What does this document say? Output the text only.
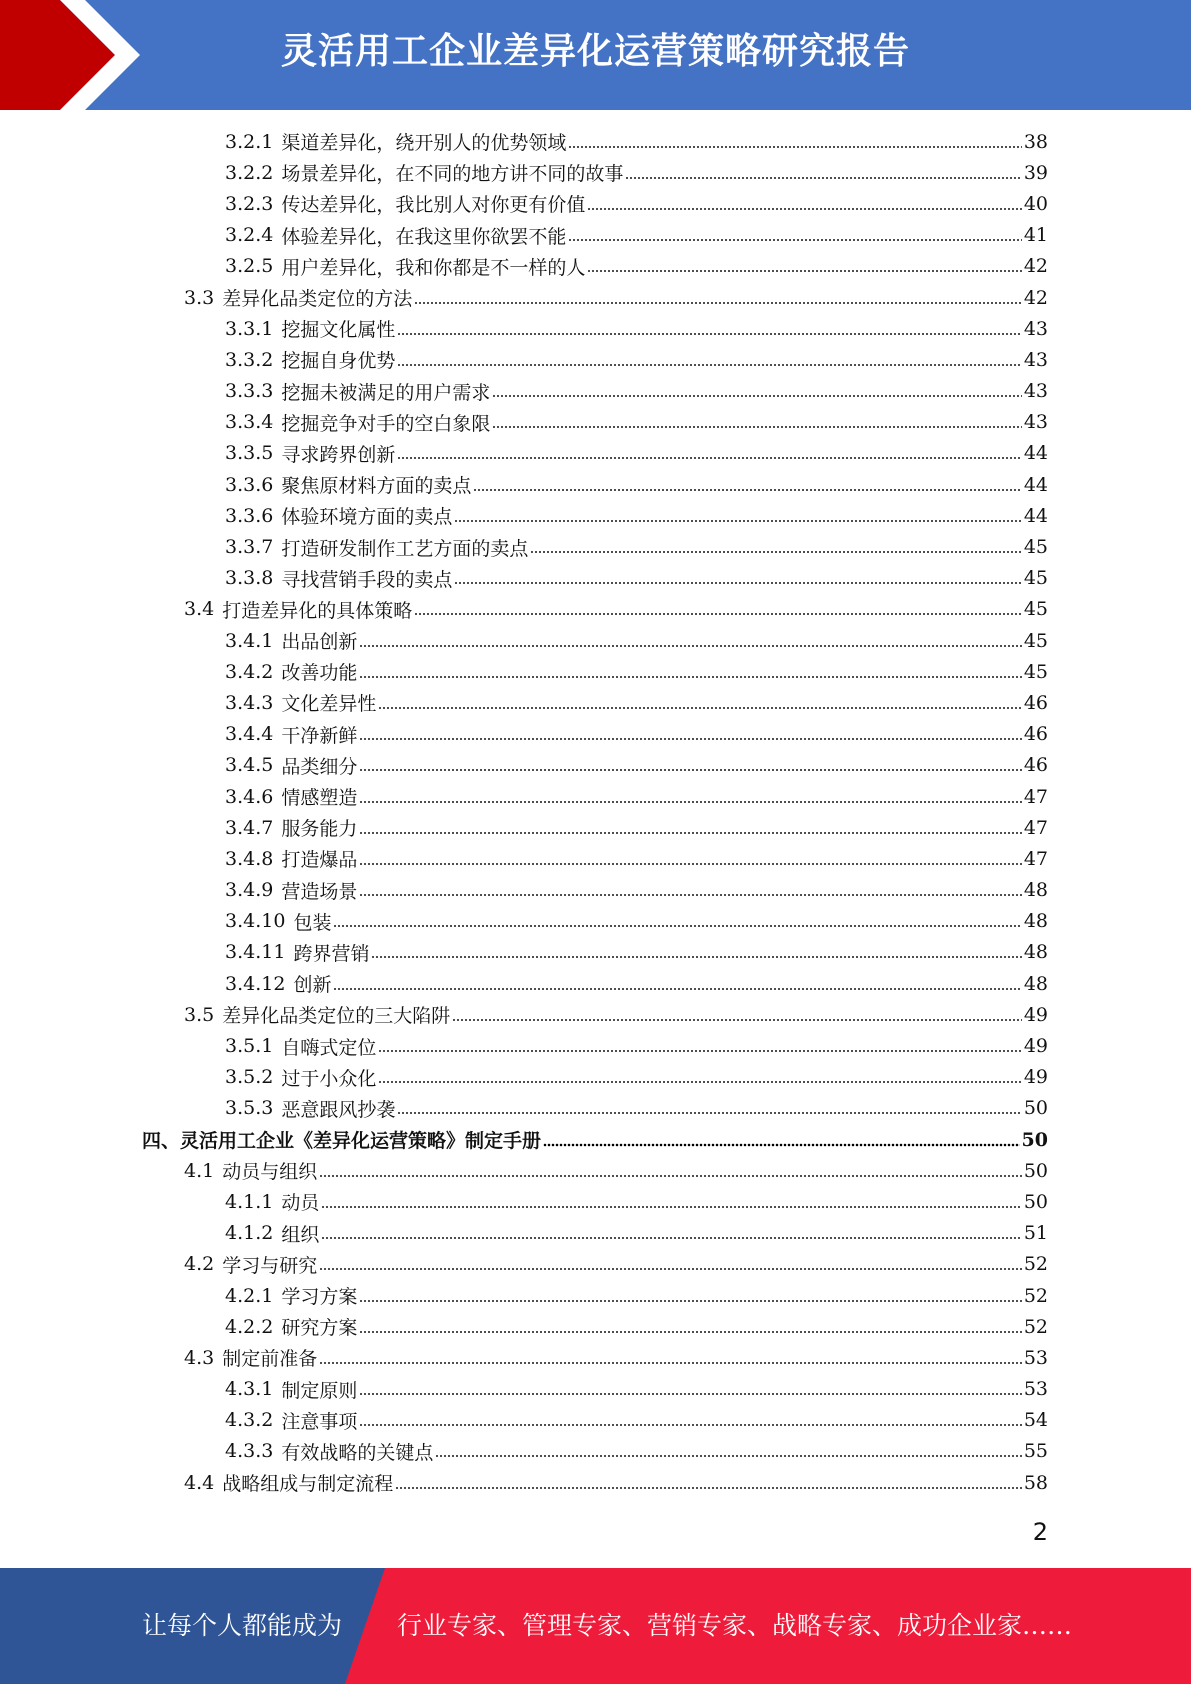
灵活用工企业差异化运营策略研究报告
3.2.1 渠道差异化，绕开别人的优势领域	38
3.2.2 场景差异化，在不同的地方讲不同的故事	39
3.2.3 传达差异化，我比别人对你更有价值	40
3.2.4 体验差异化，在我这里你欲罢不能	41
3.2.5 用户差异化，我和你都是不一样的人	42
3.3 差异化品类定位的方法	42
3.3.1 挖掘文化属性	43
3.3.2 挖掘自身优势	43
3.3.3 挖掘未被满足的用户需求	43
3.3.4 挖掘竞争对手的空白象限	43
3.3.5 寻求跨界创新	44
3.3.6 聚焦原材料方面的卖点	44
3.3.6 体验环境方面的卖点	44
3.3.7 打造研发制作工艺方面的卖点	45
3.3.8 寻找营销手段的卖点	45
3.4 打造差异化的具体策略	45
3.4.1 出品创新	45
3.4.2 改善功能	45
3.4.3 文化差异性	46
3.4.4 干净新鲜	46
3.4.5 品类细分	46
3.4.6 情感塑造	47
3.4.7 服务能力	47
3.4.8 打造爆品	47
3.4.9 营造场景	48
3.4.10 包装	48
3.4.11 跨界营销	48
3.4.12 创新	48
3.5 差异化品类定位的三大陷阱	49
3.5.1 自嗨式定位	49
3.5.2 过于小众化	49
3.5.3 恶意跟风抄袭	50
四、灵活用工企业《差异化运营策略》制定手册	50
4.1 动员与组织	50
4.1.1 动员	50
4.1.2 组织	51
4.2 学习与研究	52
4.2.1 学习方案	52
4.2.2 研究方案	52
4.3 制定前准备	53
4.3.1 制定原则	53
4.3.2 注意事项	54
4.3.3 有效战略的关键点	55
4.4 战略组成与制定流程	58
2
让每个人都能成为 行业专家、管理专家、营销专家、战略专家、成功企业家……
